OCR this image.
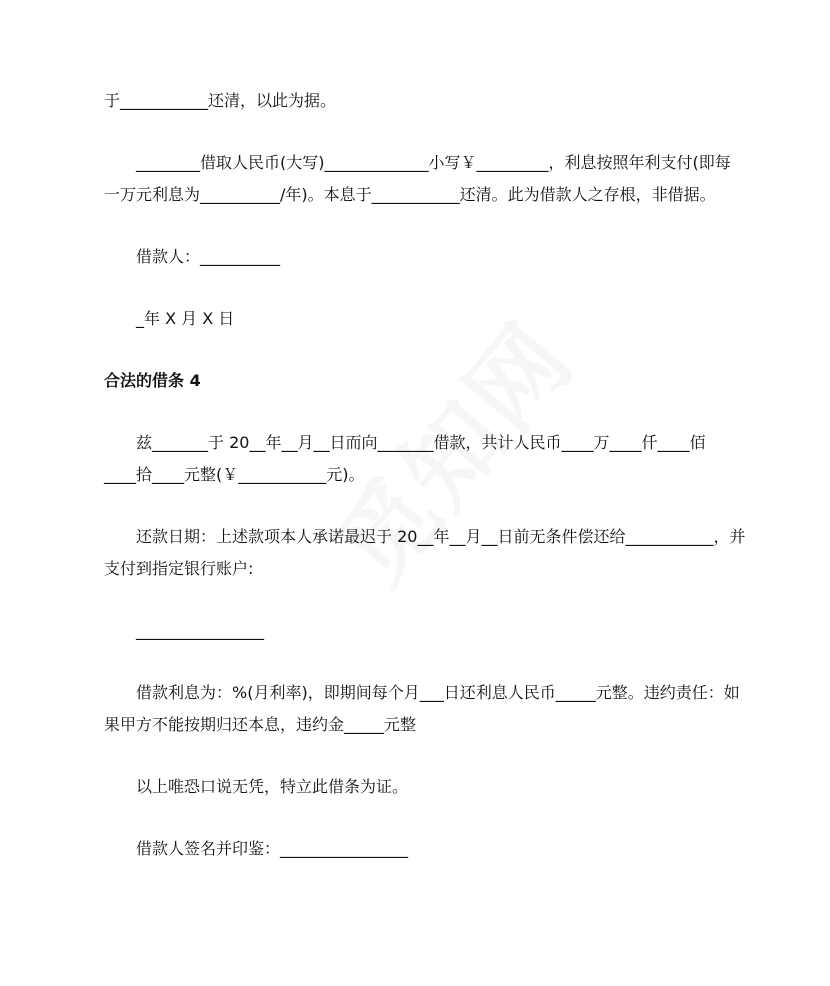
于___________还清，以此为据。

________借取人民币(大写)_____________小写￥_________，利息按照年利支付(即每

一万元利息为__________/年)。本息于___________还清。此为借款人之存根，非借据。

借款人：__________

_年 X 月 X 日

合法的借条 4

兹_______于 20__年__月__日而向_______借款，共计人民币____万____仟____佰

____拾____元整(￥___________元)。

还款日期：上述款项本人承诺最迟于 20__年__月__日前无条件偿还给___________，并

支付到指定银行账户:

________________

借款利息为：%(月利率)，即期间每个月___日还利息人民币_____元整。违约责任：如

果甲方不能按期归还本息，违约金_____元整

以上唯恐口说无凭，特立此借条为证。

借款人签名并印鉴：________________
